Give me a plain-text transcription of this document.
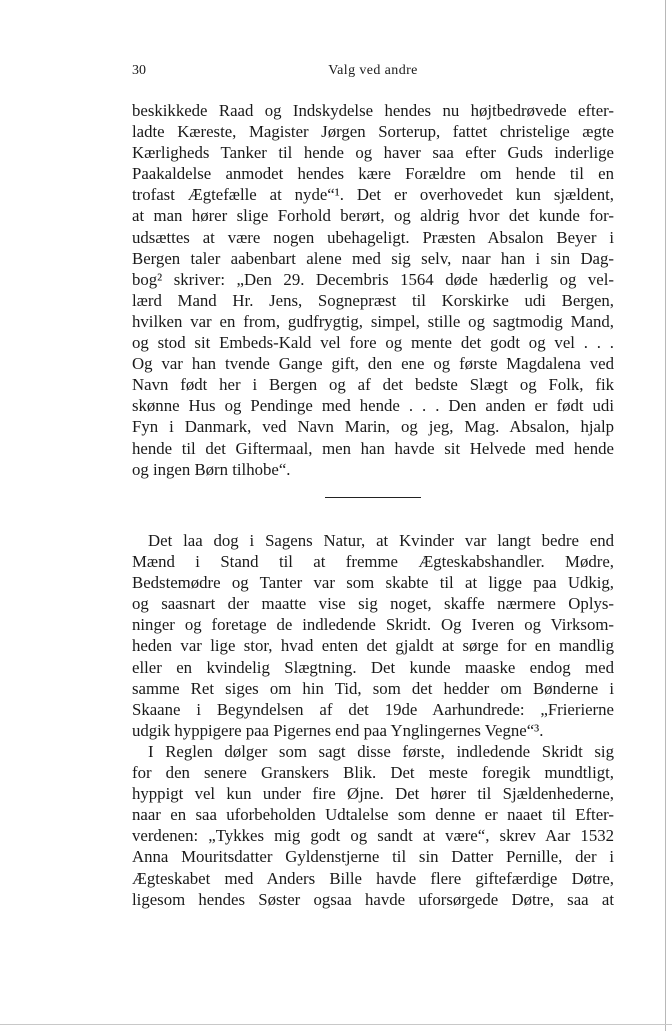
Valg ved andre
30
beskikkede Raad og Indskydelse hendes nu højtbedrøvede efter-
ladte Kæreste, Magister Jørgen Sorterup, fattet christelige ægte
Kærligheds Tanker til hende og haver saa efter Guds inderlige
Paakaldelse anmodet hendes kære Forældre om hende til en
trofast Ægtefælle at nyde“¹. Det er overhovedet kun sjældent,
at man hører slige Forhold berørt, og aldrig hvor det kunde for-
udsættes at være nogen ubehageligt. Præsten Absalon Beyer i
Bergen taler aabenbart alene med sig selv, naar han i sin Dag-
bog² skriver: „Den 29. Decembris 1564 døde hæderlig og vel-
lærd Mand Hr. Jens, Sognepræst til Korskirke udi Bergen,
hvilken var en from, gudfrygtig, simpel, stille og sagtmodig Mand,
og stod sit Embeds-Kald vel fore og mente det godt og vel . . .
Og var han tvende Gange gift, den ene og første Magdalena ved
Navn født her i Bergen og af det bedste Slægt og Folk, fik
skønne Hus og Pendinge med hende . . . Den anden er født udi
Fyn i Danmark, ved Navn Marin, og jeg, Mag. Absalon, hjalp
hende til det Giftermaal, men han havde sit Helvede med hende
og ingen Børn tilhobe“.
Det laa dog i Sagens Natur, at Kvinder var langt bedre end
Mænd i Stand til at fremme Ægteskabshandler. Mødre,
Bedstemødre og Tanter var som skabte til at ligge paa Udkig,
og saasnart der maatte vise sig noget, skaffe nærmere Oplys-
ninger og foretage de indledende Skridt. Og Iveren og Virksom-
heden var lige stor, hvad enten det gjaldt at sørge for en mandlig
eller en kvindelig Slægtning. Det kunde maaske endog med
samme Ret siges om hin Tid, som det hedder om Bønderne i
Skaane i Begyndelsen af det 19de Aarhundrede: „Frierierne
udgik hyppigere paa Pigernes end paa Ynglingernes Vegne“³.
I Reglen dølger som sagt disse første, indledende Skridt sig
for den senere Granskers Blik. Det meste foregik mundtligt,
hyppigt vel kun under fire Øjne. Det hører til Sjældenhederne,
naar en saa uforbeholden Udtalelse som denne er naaet til Efter-
verdenen: „Tykkes mig godt og sandt at være“, skrev Aar 1532
Anna Mouritsdatter Gyldenstjerne til sin Datter Pernille, der i
Ægteskabet med Anders Bille havde flere giftefærdige Døtre,
ligesom hendes Søster ogsaa havde uforsørgede Døtre, saa at
